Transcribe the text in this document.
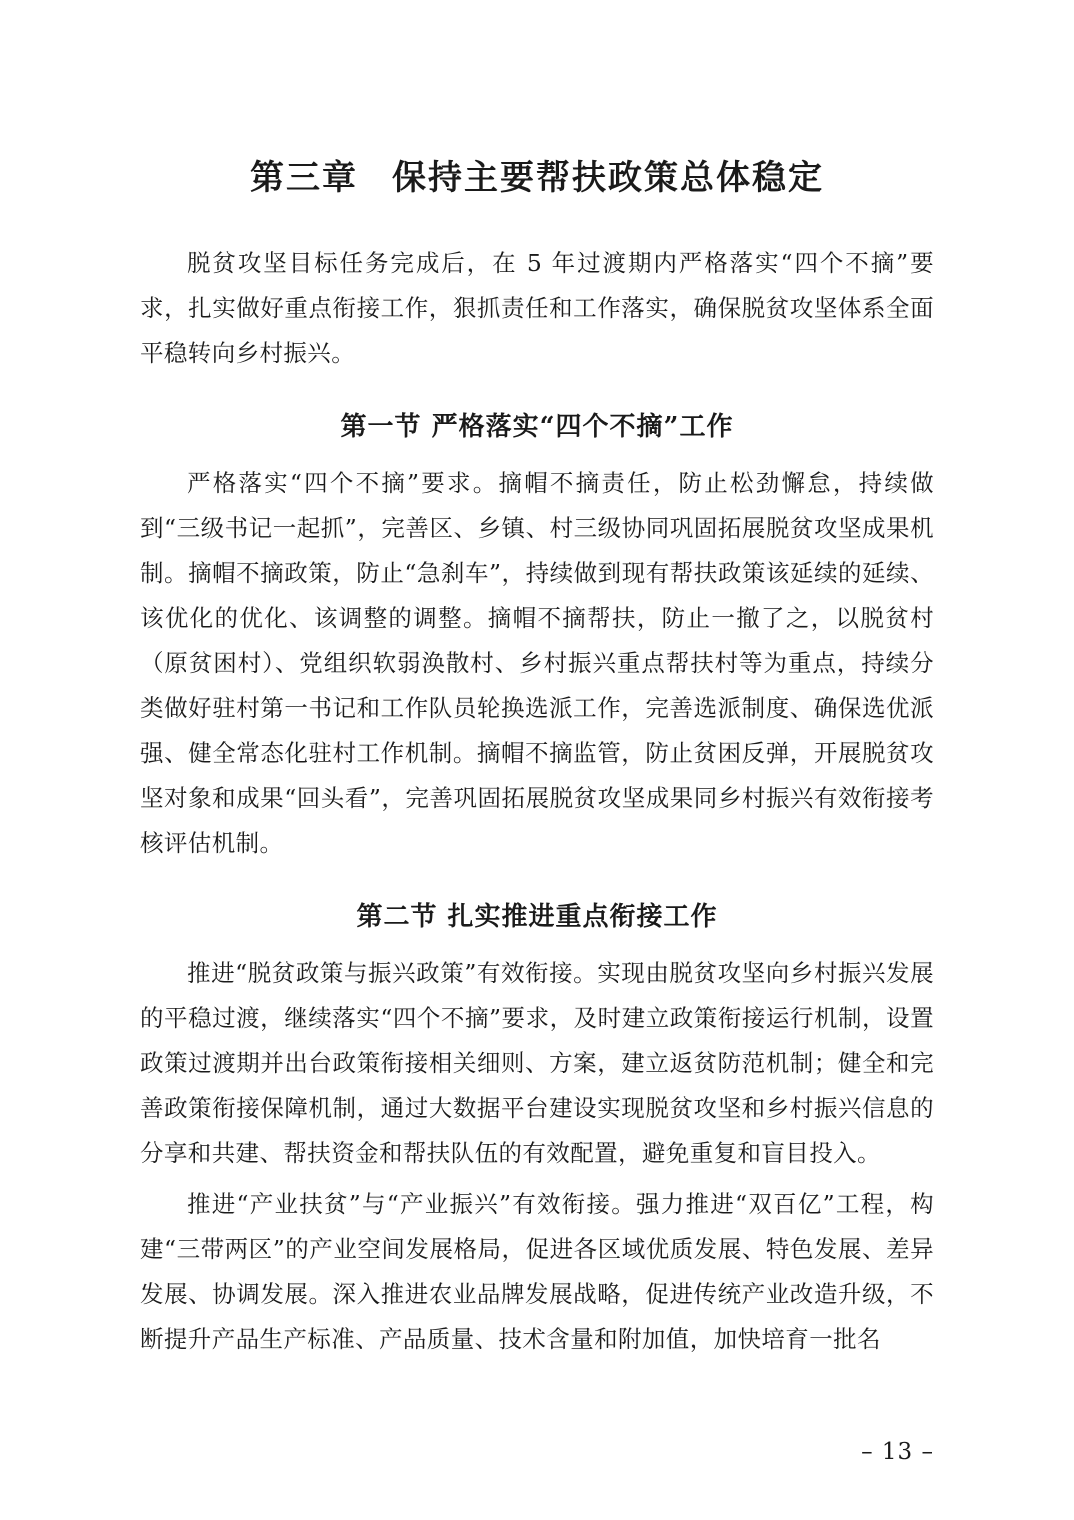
第三章 保持主要帮扶政策总体稳定

脱贫攻坚目标任务完成后，在 5 年过渡期内严格落实“四个不摘”要求，扎实做好重点衔接工作，狠抓责任和工作落实，确保脱贫攻坚体系全面平稳转向乡村振兴。

第一节 严格落实“四个不摘”工作

严格落实“四个不摘”要求。摘帽不摘责任，防止松劲懈怠，持续做到“三级书记一起抓”，完善区、乡镇、村三级协同巩固拓展脱贫攻坚成果机制。摘帽不摘政策，防止“急刹车”，持续做到现有帮扶政策该延续的延续、该优化的优化、该调整的调整。摘帽不摘帮扶，防止一撤了之，以脱贫村（原贫困村）、党组织软弱涣散村、乡村振兴重点帮扶村等为重点，持续分类做好驻村第一书记和工作队员轮换选派工作，完善选派制度、确保选优派强、健全常态化驻村工作机制。摘帽不摘监管，防止贫困反弹，开展脱贫攻坚对象和成果“回头看”，完善巩固拓展脱贫攻坚成果同乡村振兴有效衔接考核评估机制。

第二节 扎实推进重点衔接工作

推进“脱贫政策与振兴政策”有效衔接。实现由脱贫攻坚向乡村振兴发展的平稳过渡，继续落实“四个不摘”要求，及时建立政策衔接运行机制，设置政策过渡期并出台政策衔接相关细则、方案，建立返贫防范机制；健全和完善政策衔接保障机制，通过大数据平台建设实现脱贫攻坚和乡村振兴信息的分享和共建、帮扶资金和帮扶队伍的有效配置，避免重复和盲目投入。

推进“产业扶贫”与“产业振兴”有效衔接。强力推进“双百亿”工程，构建“三带两区”的产业空间发展格局，促进各区域优质发展、特色发展、差异发展、协调发展。深入推进农业品牌发展战略，促进传统产业改造升级，不断提升产品生产标准、产品质量、技术含量和附加值，加快培育一批名

– 13 –
